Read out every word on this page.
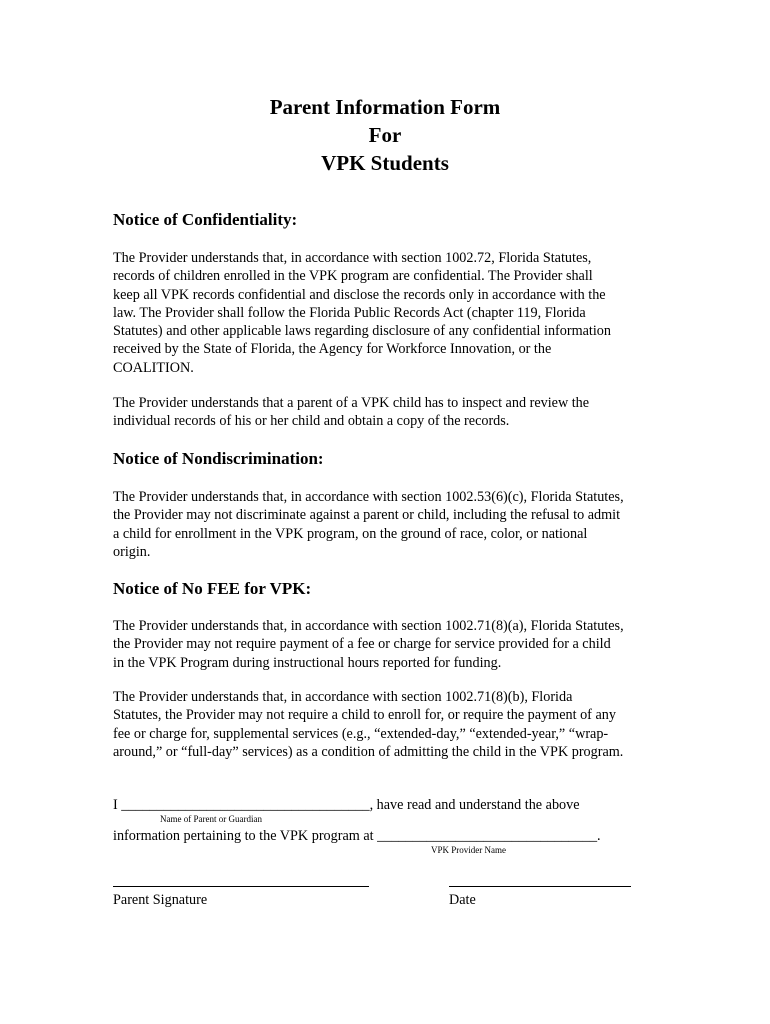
Parent Information Form
For
VPK Students
Notice of Confidentiality:
The Provider understands that, in accordance with section 1002.72, Florida Statutes,
records of children enrolled in the VPK program are confidential. The Provider shall
keep all VPK records confidential and disclose the records only in accordance with the
law. The Provider shall follow the Florida Public Records Act (chapter 119, Florida
Statutes) and other applicable laws regarding disclosure of any confidential information
received by the State of Florida, the Agency for Workforce Innovation, or the
COALITION.
The Provider understands that a parent of a VPK child has to inspect and review the
individual records of his or her child and obtain a copy of the records.
Notice of Nondiscrimination:
The Provider understands that, in accordance with section 1002.53(6)(c), Florida Statutes,
the Provider may not discriminate against a parent or child, including the refusal to admit
a child for enrollment in the VPK program, on the ground of race, color, or national
origin.
Notice of No FEE for VPK:
The Provider understands that, in accordance with section 1002.71(8)(a), Florida Statutes,
the Provider may not require payment of a fee or charge for service provided for a child
in the VPK Program during instructional hours reported for funding.
The Provider understands that, in accordance with section 1002.71(8)(b), Florida
Statutes, the Provider may not require a child to enroll for, or require the payment of any
fee or charge for, supplemental services (e.g., “extended-day,” “extended-year,” “wrap-
around,” or “full-day” services) as a condition of admitting the child in the VPK program.
I ___________________________________, have read and understand the above
Name of Parent or Guardian
information pertaining to the VPK program at _______________________________.
VPK Provider Name
Parent Signature	Date
